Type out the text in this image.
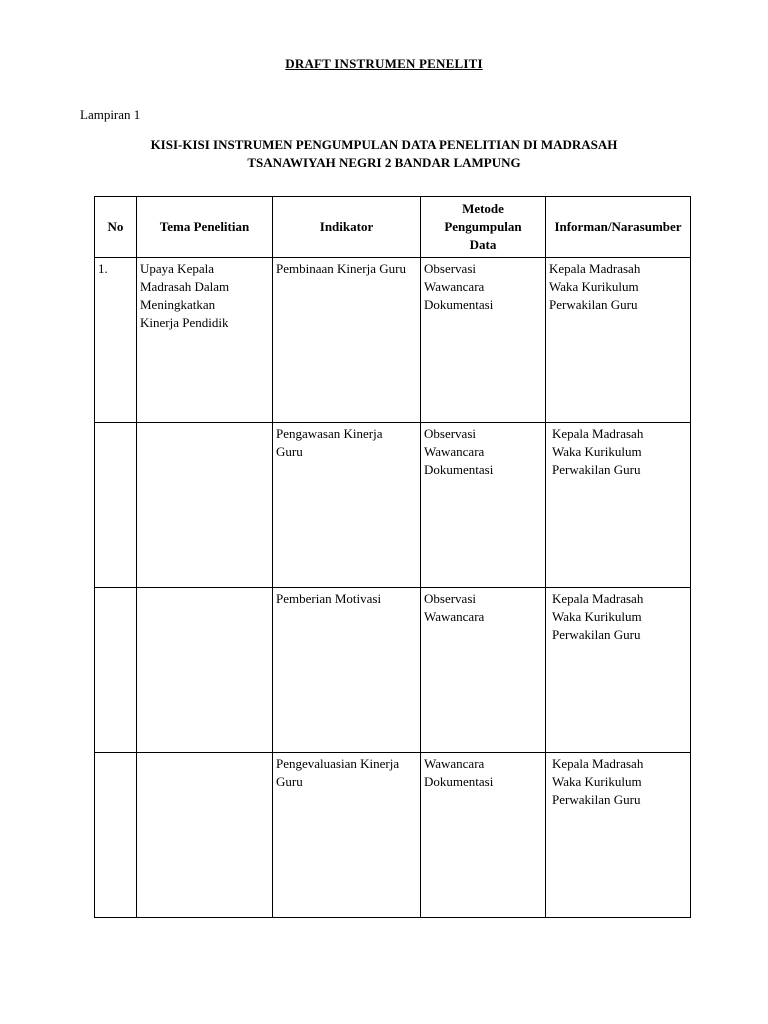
DRAFT INSTRUMEN PENELITI
Lampiran 1
KISI-KISI INSTRUMEN PENGUMPULAN DATA PENELITIAN DI MADRASAH
TSANAWIYAH NEGRI 2 BANDAR LAMPUNG
No	Tema Penelitian	Indikator	Metode
Pengumpulan
Data	Informan/Narasumber

1.	Upaya Kepala
Madrasah Dalam
Meningkatkan
Kinerja Pendidik	Pembinaan Kinerja Guru	Observasi
Wawancara
Dokumentasi	Kepala Madrasah
Waka Kurikulum
Perwakilan Guru

		Pengawasan Kinerja
Guru	Observasi
Wawancara
Dokumentasi	Kepala Madrasah
Waka Kurikulum
Perwakilan Guru

		Pemberian Motivasi	Observasi
Wawancara	Kepala Madrasah
Waka Kurikulum
Perwakilan Guru

		Pengevaluasian Kinerja
Guru	Wawancara
Dokumentasi	Kepala Madrasah
Waka Kurikulum
Perwakilan Guru
